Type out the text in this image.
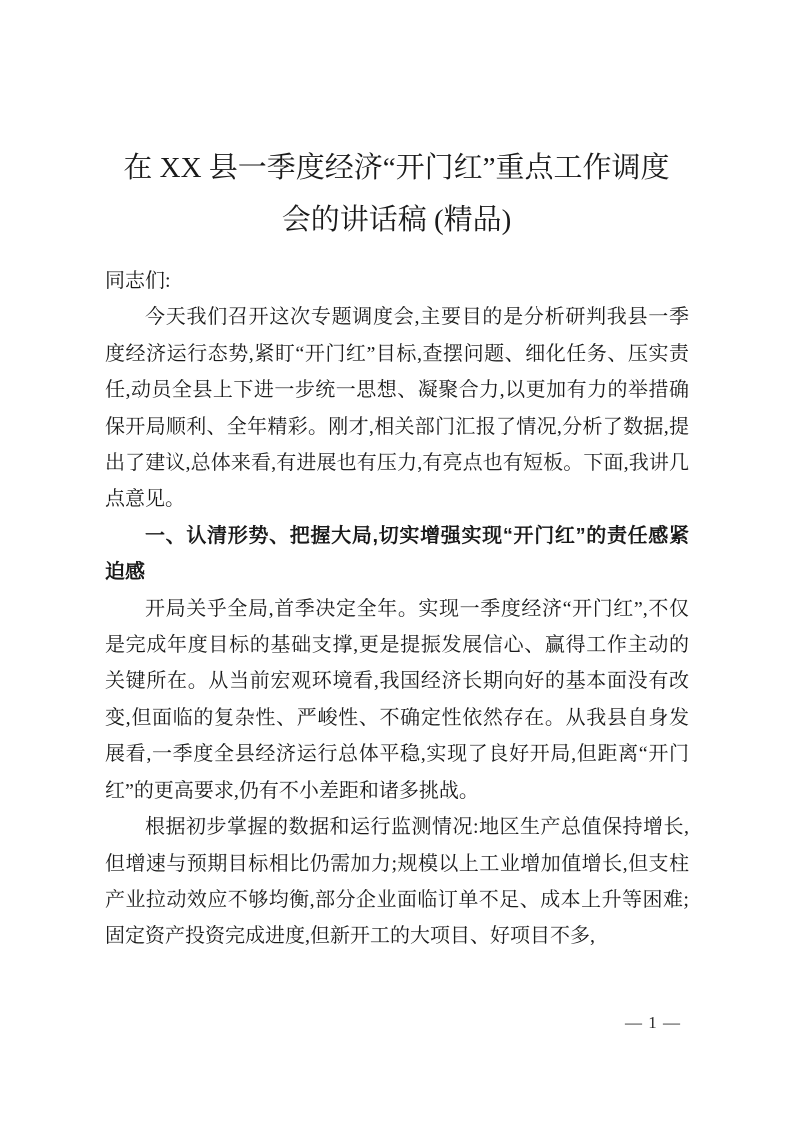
在 XX 县一季度经济“开门红”重点工作调度
会的讲话稿 (精品)

同志们:

今天我们召开这次专题调度会,主要目的是分析研判我县一季度经济运行态势,紧盯“开门红”目标,查摆问题、细化任务、压实责任,动员全县上下进一步统一思想、凝聚合力,以更加有力的举措确保开局顺利、全年精彩。刚才,相关部门汇报了情况,分析了数据,提出了建议,总体来看,有进展也有压力,有亮点也有短板。下面,我讲几点意见。

一、认清形势、把握大局,切实增强实现“开门红”的责任感紧迫感

开局关乎全局,首季决定全年。实现一季度经济“开门红”,不仅是完成年度目标的基础支撑,更是提振发展信心、赢得工作主动的关键所在。从当前宏观环境看,我国经济长期向好的基本面没有改变,但面临的复杂性、严峻性、不确定性依然存在。从我县自身发展看,一季度全县经济运行总体平稳,实现了良好开局,但距离“开门红”的更高要求,仍有不小差距和诸多挑战。

根据初步掌握的数据和运行监测情况:地区生产总值保持增长,但增速与预期目标相比仍需加力;规模以上工业增加值增长,但支柱产业拉动效应不够均衡,部分企业面临订单不足、成本上升等困难;固定资产投资完成进度,但新开工的大项目、好项目不多,

— 1 —
